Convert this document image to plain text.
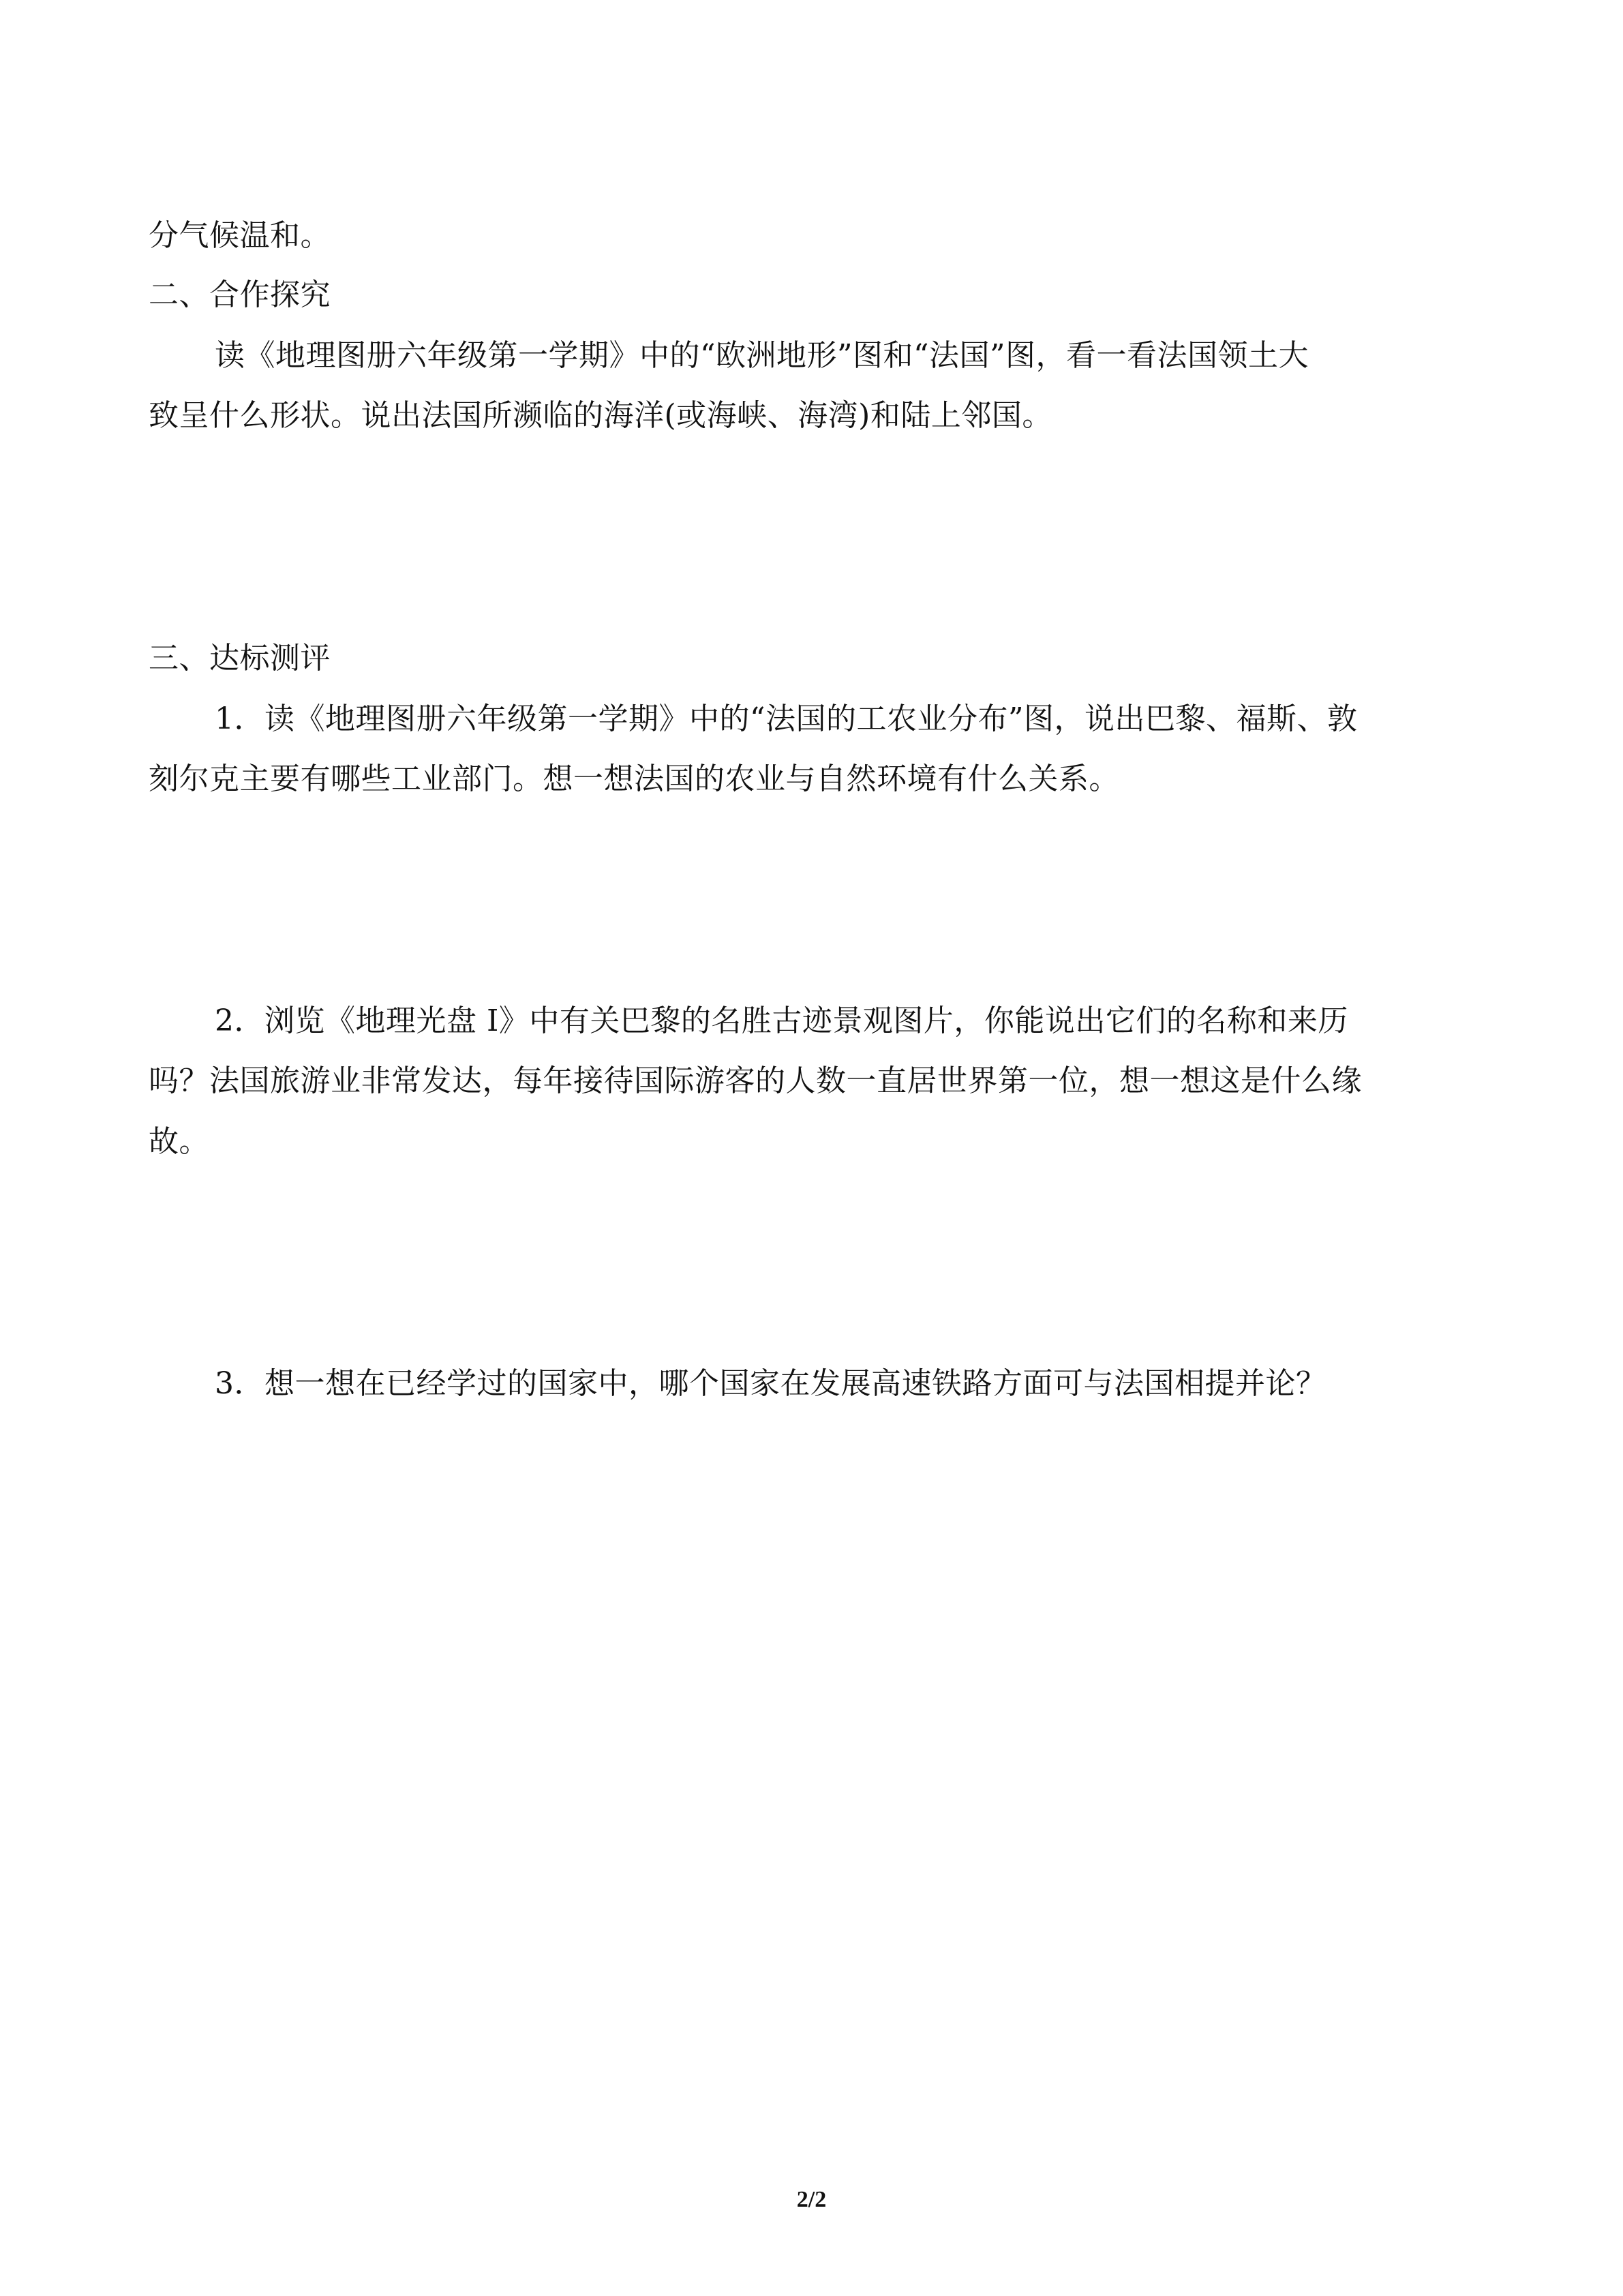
分气候温和。
二、合作探究
读《地理图册六年级第一学期》中的“欧洲地形”图和“法国”图，看一看法国领土大
致呈什么形状。说出法国所濒临的海洋(或海峡、海湾)和陆上邻国。
三、达标测评
1．读《地理图册六年级第一学期》中的“法国的工农业分布”图，说出巴黎、福斯、敦
刻尔克主要有哪些工业部门。想一想法国的农业与自然环境有什么关系。
2．浏览《地理光盘 I》中有关巴黎的名胜古迹景观图片，你能说出它们的名称和来历
吗？法国旅游业非常发达，每年接待国际游客的人数一直居世界第一位，想一想这是什么缘
故。
3．想一想在已经学过的国家中，哪个国家在发展高速铁路方面可与法国相提并论？
2/2
